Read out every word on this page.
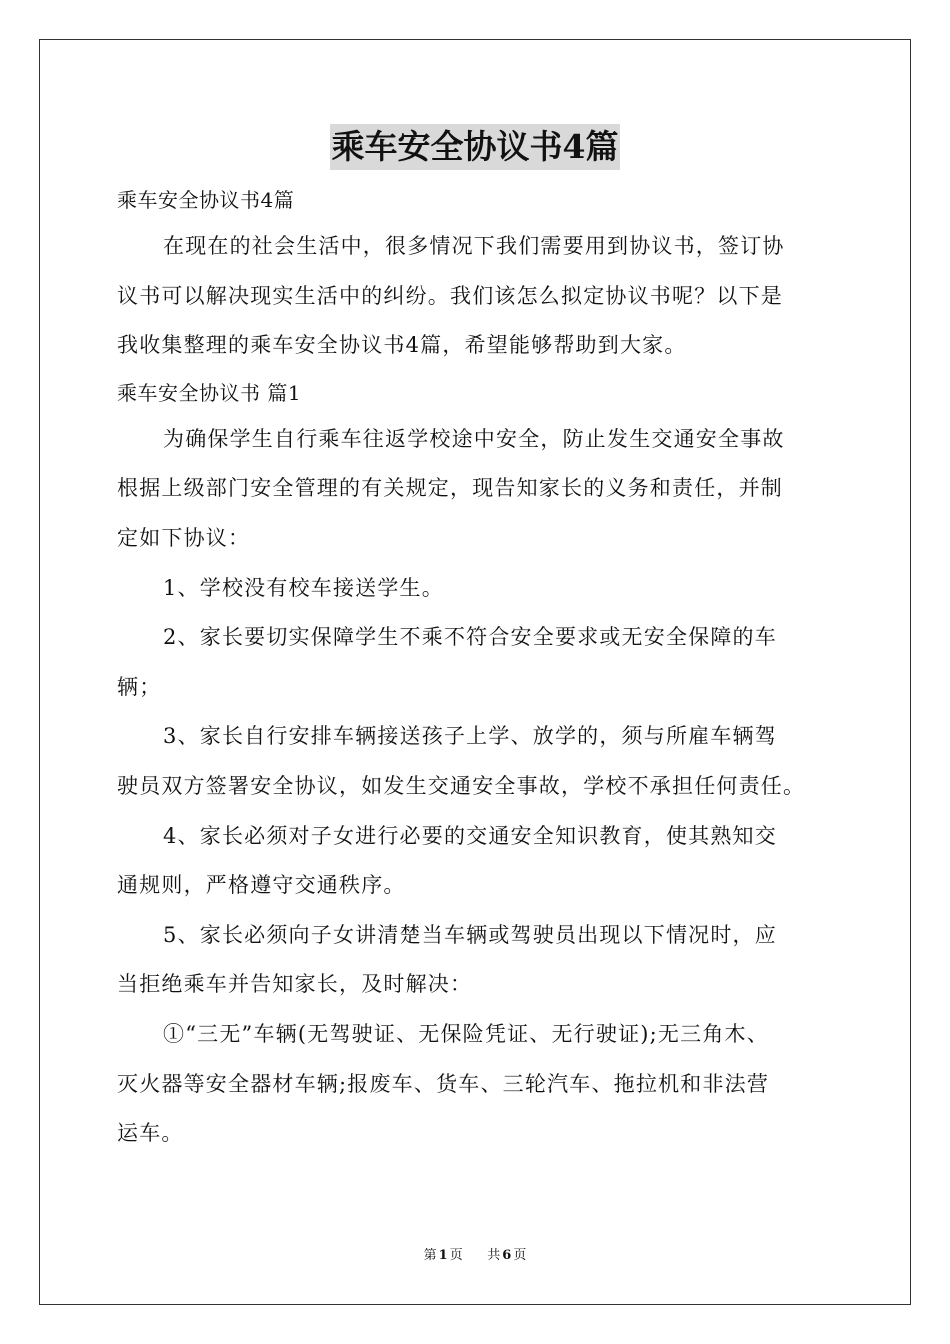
乘车安全协议书4篇
乘车安全协议书4篇
在现在的社会生活中，很多情况下我们需要用到协议书，签订协
议书可以解决现实生活中的纠纷。我们该怎么拟定协议书呢？以下是
我收集整理的乘车安全协议书4篇，希望能够帮助到大家。
乘车安全协议书 篇1
为确保学生自行乘车往返学校途中安全，防止发生交通安全事故
根据上级部门安全管理的有关规定，现告知家长的义务和责任，并制
定如下协议：
1、学校没有校车接送学生。
2、家长要切实保障学生不乘不符合安全要求或无安全保障的车
辆；
3、家长自行安排车辆接送孩子上学、放学的，须与所雇车辆驾
驶员双方签署安全协议，如发生交通安全事故，学校不承担任何责任。
4、家长必须对子女进行必要的交通安全知识教育，使其熟知交
通规则，严格遵守交通秩序。
5、家长必须向子女讲清楚当车辆或驾驶员出现以下情况时，应
当拒绝乘车并告知家长，及时解决：
①“三无”车辆(无驾驶证、无保险凭证、无行驶证);无三角木、
灭火器等安全器材车辆;报废车、货车、三轮汽车、拖拉机和非法营
运车。
第 1 页 共 6 页
